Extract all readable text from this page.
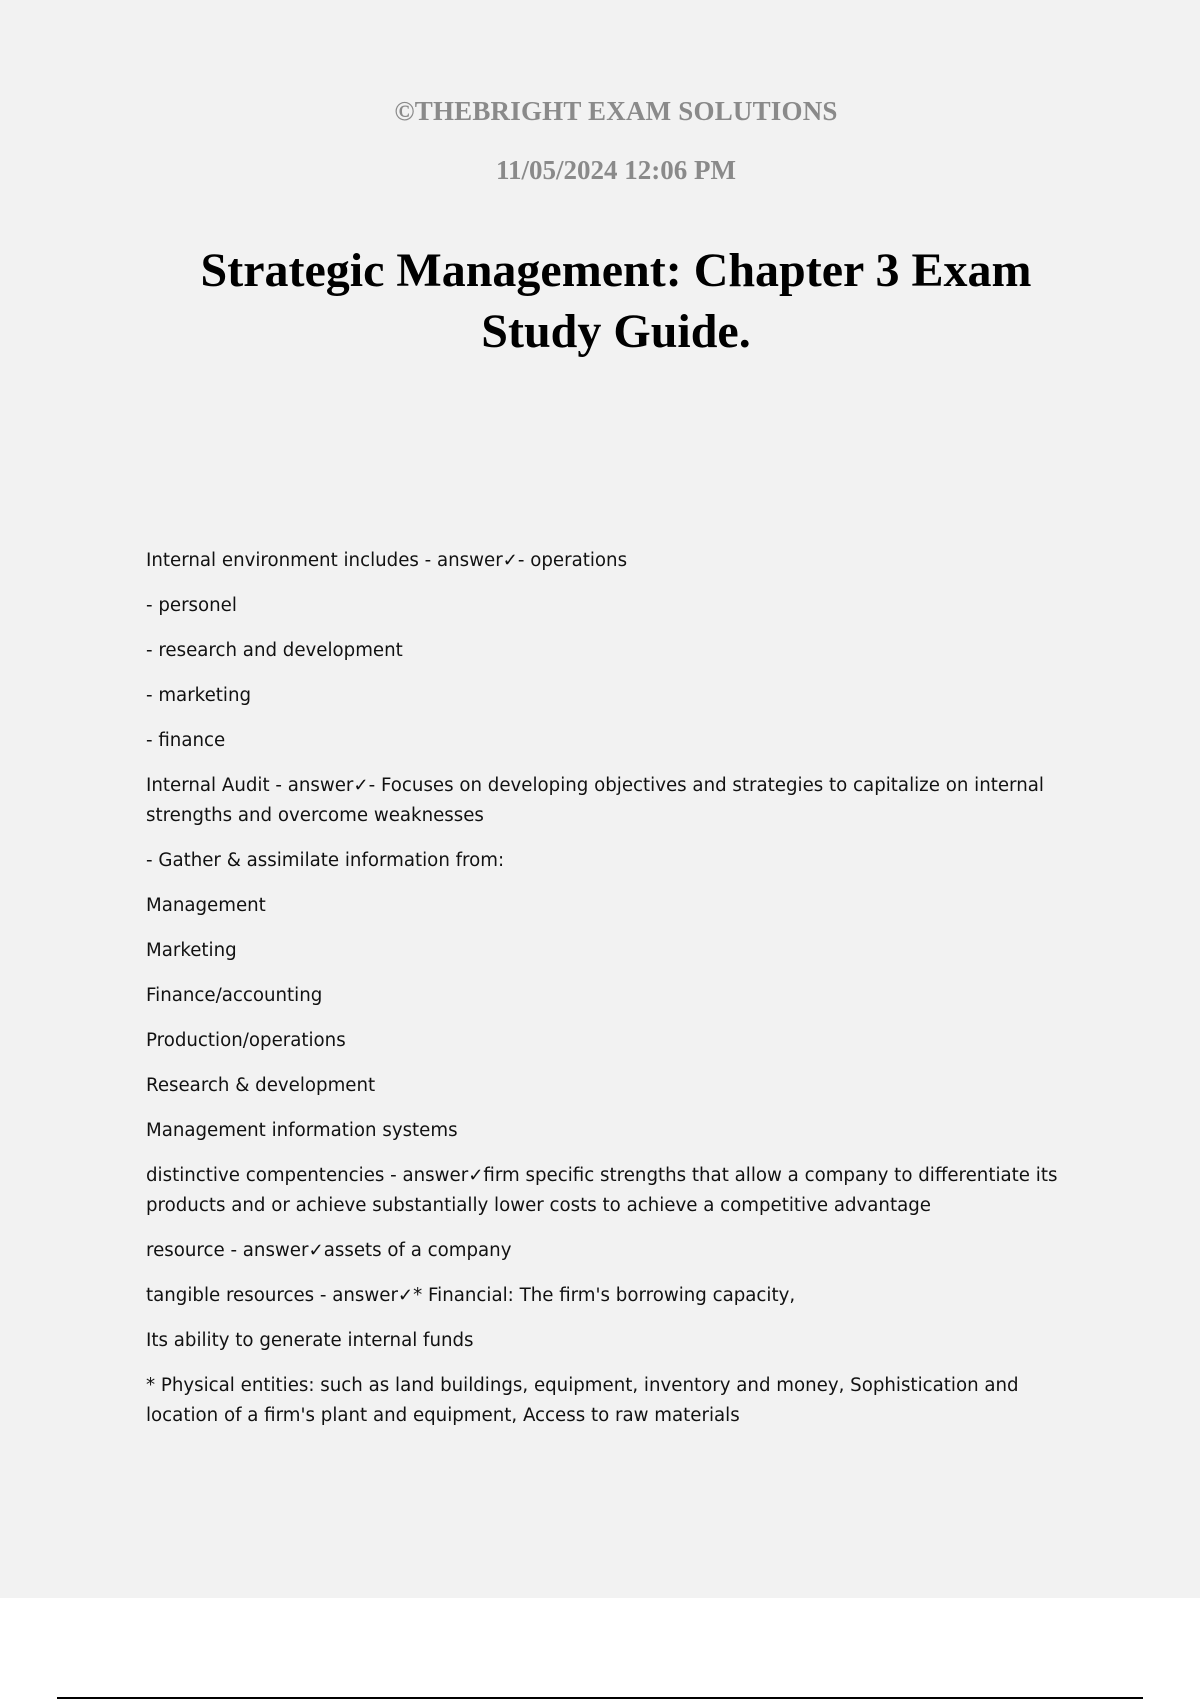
©THEBRIGHT EXAM SOLUTIONS
11/05/2024 12:06 PM
Strategic Management: Chapter 3 Exam Study Guide.

Internal environment includes - answer✓- operations

- personel

- research and development

- marketing

- finance

Internal Audit - answer✓- Focuses on developing objectives and strategies to capitalize on internal strengths and overcome weaknesses

- Gather & assimilate information from:

Management

Marketing

Finance/accounting

Production/operations

Research & development

Management information systems

distinctive compentencies - answer✓firm specific strengths that allow a company to differentiate its products and or achieve substantially lower costs to achieve a competitive advantage

resource - answer✓assets of a company

tangible resources - answer✓* Financial: The firm's borrowing capacity,

Its ability to generate internal funds

* Physical entities: such as land buildings, equipment, inventory and money, Sophistication and location of a firm's plant and equipment, Access to raw materials
